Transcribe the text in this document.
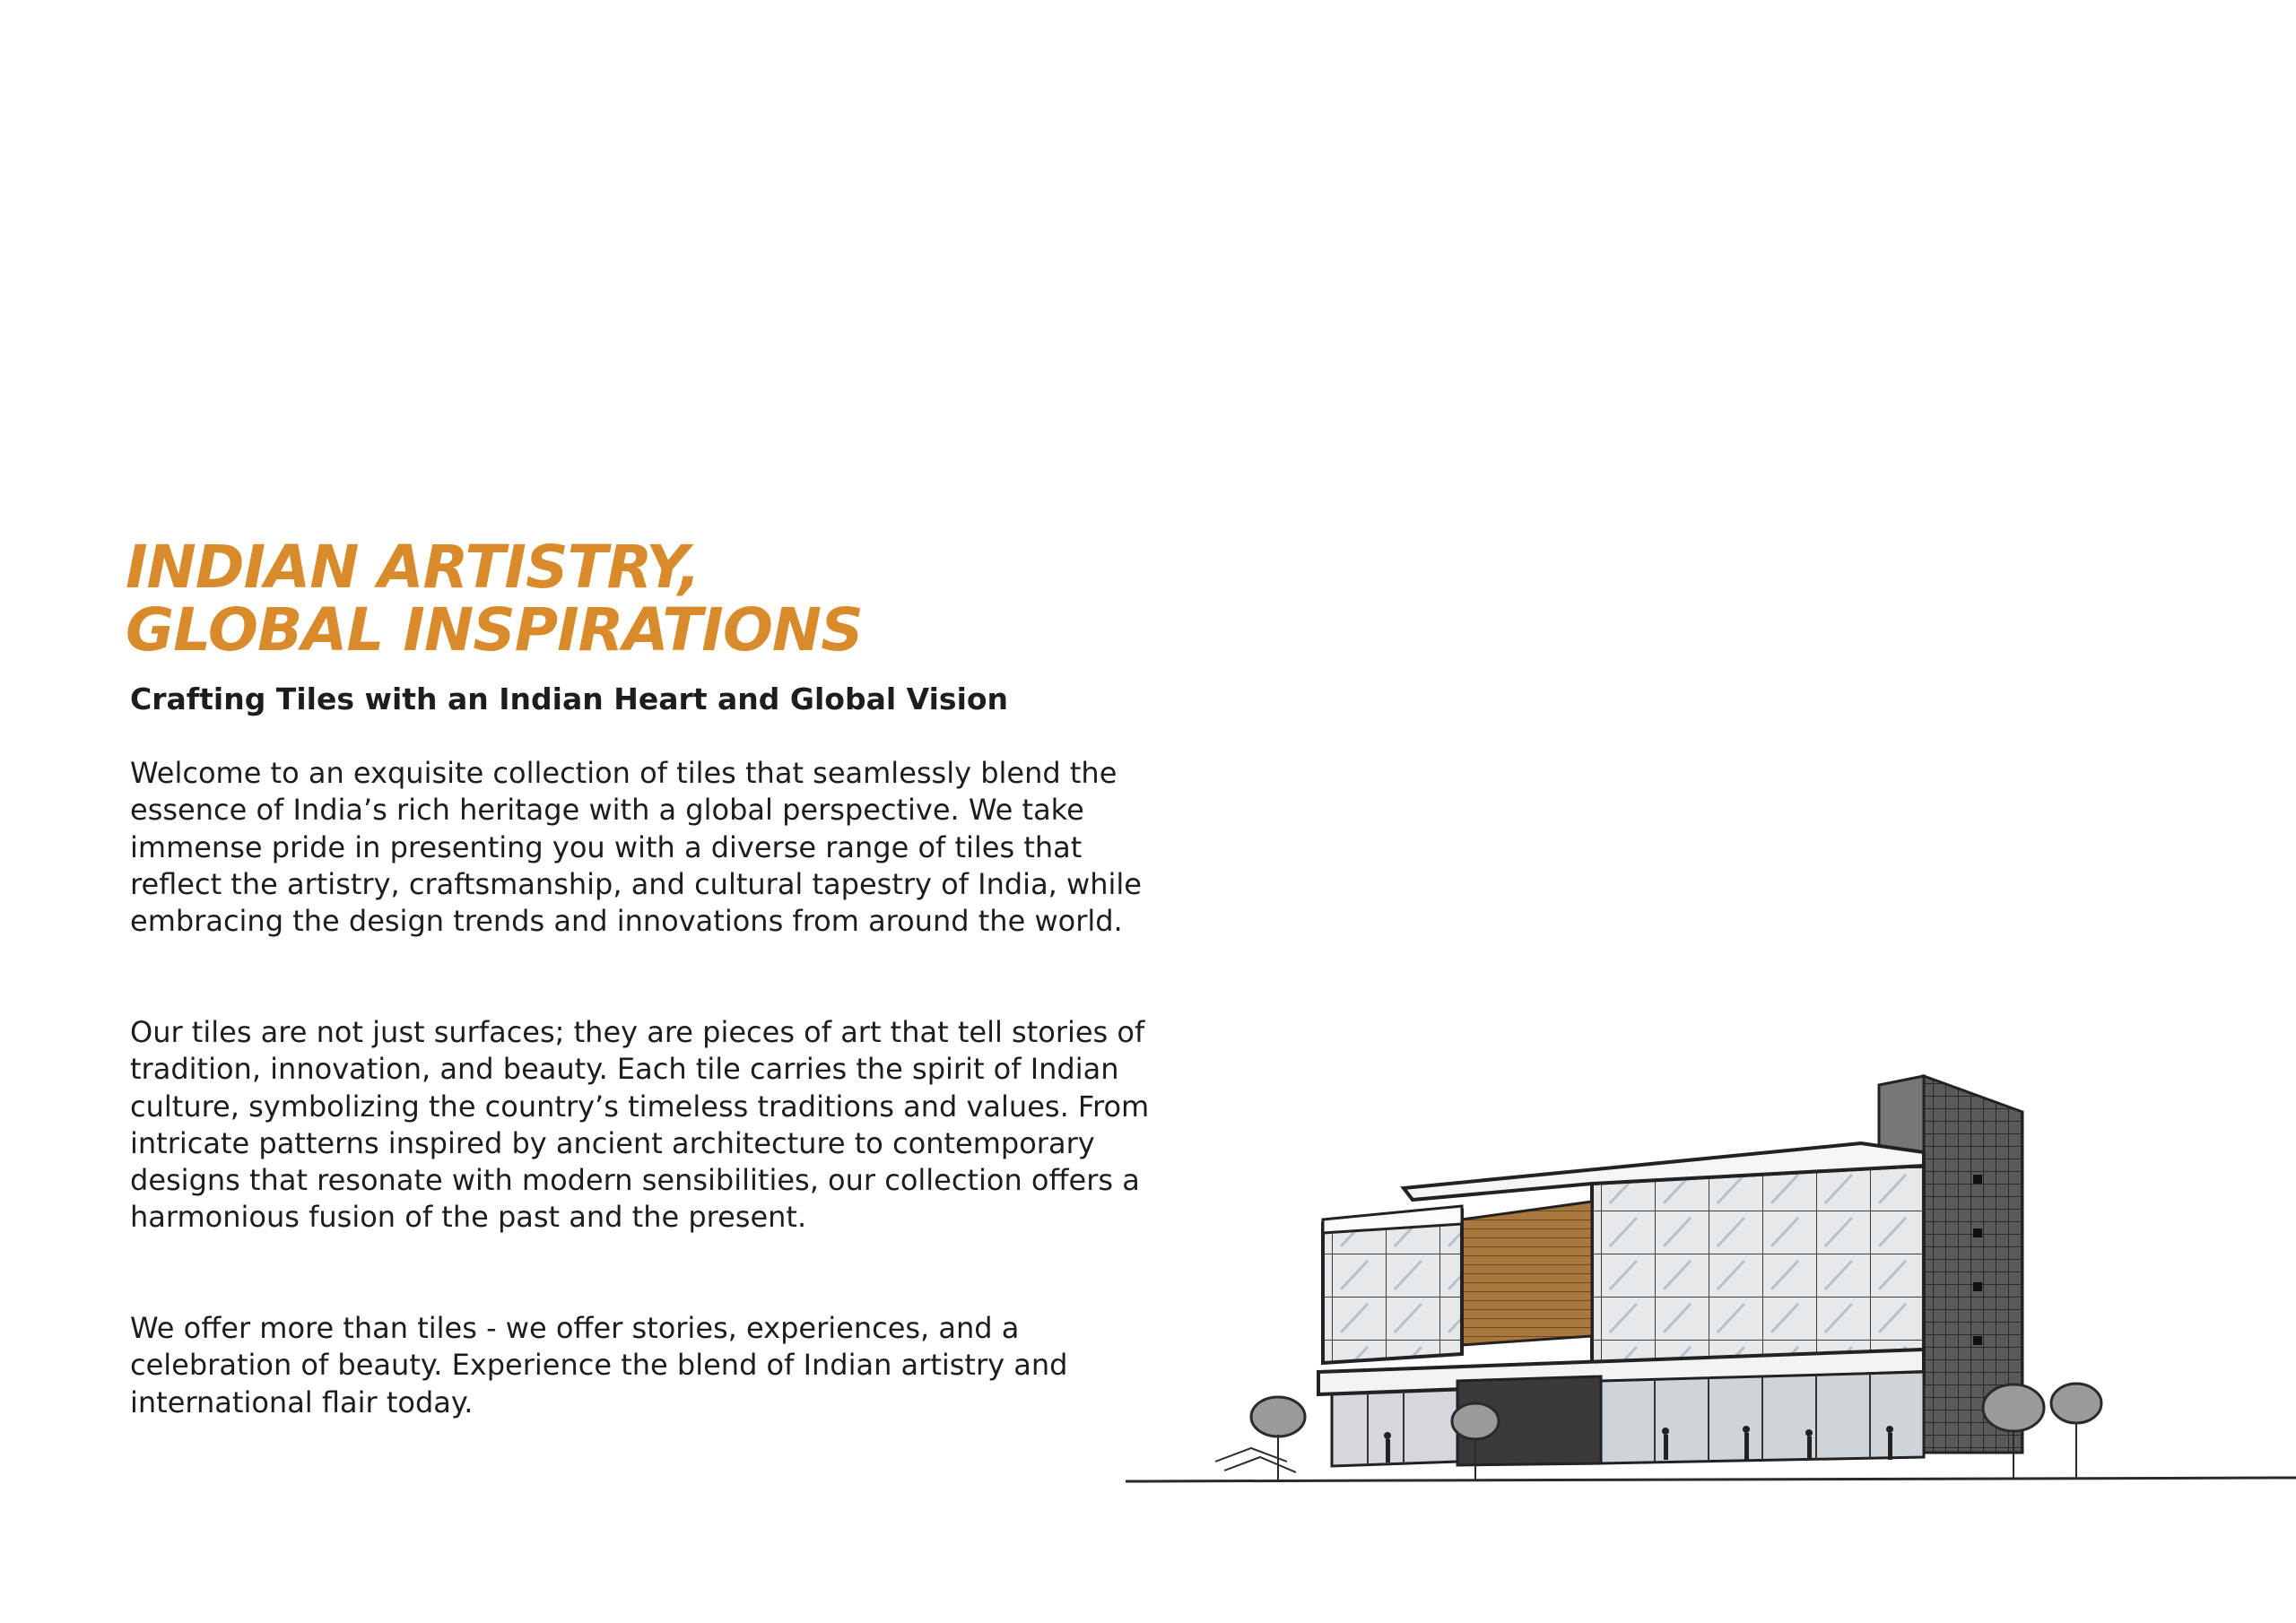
INDIAN ARTISTRY,
GLOBAL INSPIRATIONS
Crafting Tiles with an Indian Heart and Global Vision

Welcome to an exquisite collection of tiles that seamlessly blend the essence of India’s rich heritage with a global perspective. We take immense pride in presenting you with a diverse range of tiles that reflect the artistry, craftsmanship, and cultural tapestry of India, while embracing the design trends and innovations from around the world.

Our tiles are not just surfaces; they are pieces of art that tell stories of tradition, innovation, and beauty. Each tile carries the spirit of Indian culture, symbolizing the country’s timeless traditions and values. From intricate patterns inspired by ancient architecture to contemporary designs that resonate with modern sensibilities, our collection offers a harmonious fusion of the past and the present.

We offer more than tiles - we offer stories, experiences, and a celebration of beauty. Experience the blend of Indian artistry and international flair today.
